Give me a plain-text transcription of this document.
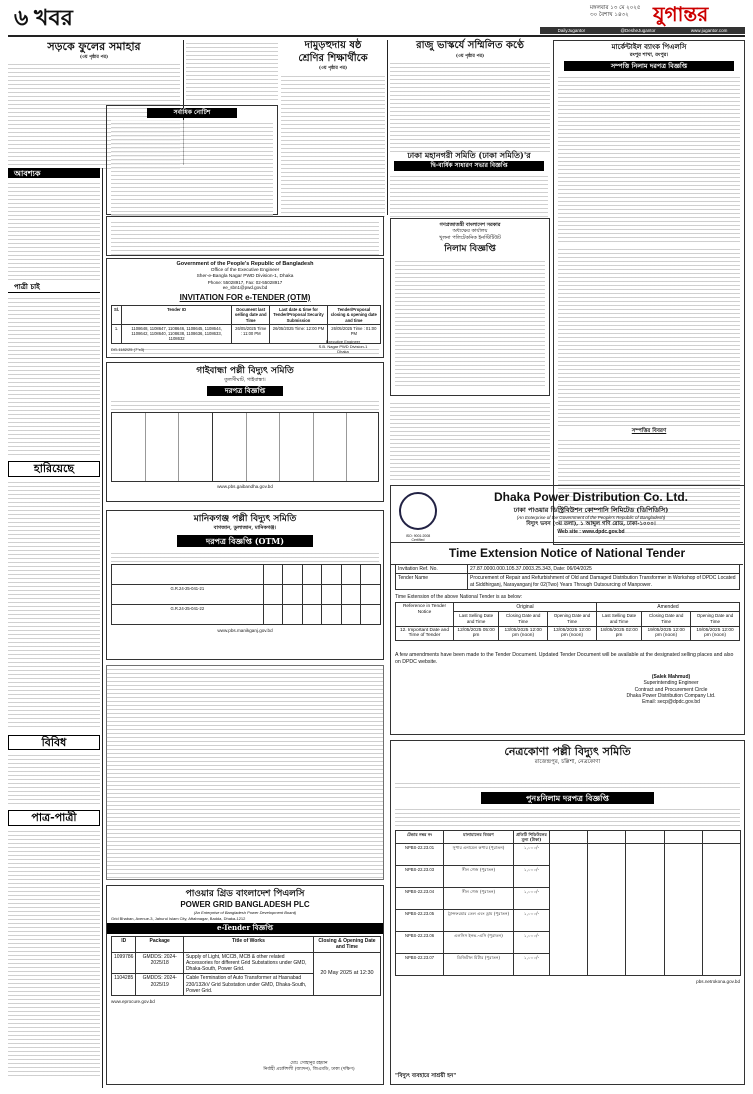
৬ খবর	মঙ্গলবার ১৩ মে ২০২৫
৩০ বৈশাখ ১৪৩২ যুগান্তর
DailyJugantor	@DesheJugantor	www.jugantor.com
সড়কে ফুলের সমাহার
(৩য় পৃষ্ঠার পর)
দামুড়হুদায় ষষ্ঠ
শ্রেণির শিক্ষার্থীকে
(৩য় পৃষ্ঠার পর)
রাজু ভাস্কর্যে সম্মিলিত কণ্ঠে
(৩য় পৃষ্ঠার পর)
ঢাকা মহানগরী সমিতি (ঢাকা সমিতি)'র
দ্বি-বার্ষিক সাধারণ সভার বিজ্ঞপ্তি
মার্কেন্টাইল ব্যাংক পিএলসি
রংপুর শাখা, রংপুর।
সম্পত্তি নিলাম দরপত্র বিজ্ঞপ্তি
সম্পত্তির বিবরণ
আবশ্যক
পাত্রী চাই
হারিয়েছে
বিবিধ
পাত্র-পাত্রী
সর্বাধিক নোটিশ
Government of the People's Republic of Bangladesh
Office of the Executive Engineer
Sher-e-Bangla Nagar PWD Division-1, Dhaka
Phone: 55028917, Fax: 02-55028917
ee_sbn1@pwd.gov.bd
INVITATION FOR e-TENDER (OTM)
Sl.	Tender ID	Document last selling date and Time	Last date & time for Tender/Proposal Security Submission	Tender/Proposal closing & opening date and time
1.	1108648, 1108647, 1108646, 1108645, 1108644, 1108642, 1108640, 1108638, 1108636, 1108633, 1108632	26/05/2025 Time : 11:00 PM	26/05/2025 Time: 12:00 PM	26/05/2025 Time : 01:00 PM
DG-1182/25 (7"x3)
Executive Engineer
S.B. Nagar PWD Division-1
Dhaka
গণপ্রজাতন্ত্রী বাংলাদেশ সরকার
অধ্যক্ষের কার্যালয়
খুলনা পলিটেকনিক ইনস্টিটিউট
নিলাম বিজ্ঞপ্তি
গাইবান্ধা পল্লী বিদ্যুৎ সমিতি
তুলসীঘাট, গাইবান্ধা।
দরপত্র বিজ্ঞপ্তি
www.pbs.gaibandha.gov.bd
ISO: 9001:2008
Certified
Dhaka Power Distribution Co. Ltd.
ঢাকা পাওয়ার ডিস্ট্রিবিউশন কোম্পানি লিমিটেড (ডিপিডিসি)
(An Enterprise of the Government of the People's Republic of Bangladesh)
বিদ্যুৎ ভবন (৩য় তলা), ১ আব্দুল গণি রোড, ঢাকা-১০০০।
Web site : www.dpdc.gov.bd
Time Extension Notice of National Tender
Invitation Ref. No.	27.87.0000.000.105.37.0003.25.343, Date: 06/04/2025
Tender Name	Procurement of Repair and Refurbishment of Old and Damaged Distribution Transformer in Workshop of DPDC Located at Siddhirganj, Narayanganj for 02(Two) Years Through Outsourcing of Manpower.
Time Extension of the above National Tender is as below:
Reference in Tender Notice	Original			Amended		
	Last Selling Date and Time	Closing Date and Time	Opening Date and Time	Last Selling Date and Time	Closing Date and Time	Opening Date and Time
12. Important Date and Time of Tender	12/05/2025 05:00 pm	13/05/2025 12:00 pm (noon)	13/05/2025 12:00 pm (noon)	18/05/2025 02:00 pm	19/05/2025 12:00 pm (noon)	19/05/2025 12:00 pm (noon)
A few amendments have been made to the Tender Document. Updated Tender Document will be available at the designated selling places and also on DPDC website.
(Salek Mahmud)
Superintending Engineer
Contract and Procurement Circle
Dhaka Power Distribution Company Ltd.
Email: secp@dpdc.gov.bd
মানিকগঞ্জ পল্লী বিদ্যুৎ সমিতি
বাগজান, ডুলাজান, মানিকগঞ্জ।
দরপত্র বিজ্ঞপ্তি (OTM)

G.R.24-25-041-21						
G.R.24-25-041-22						
www.pbs.manikganj.gov.bd
পাওয়ার গ্রিড বাংলাদেশ পিএলসি
POWER GRID BANGLADESH PLC
(An Enterprise of Bangladesh Power Development Board)
Grid Bhaban, Avenue-3, Jahurul Islam City, Aftabnagar, Badda, Dhaka-1212
e-Tender বিজ্ঞপ্তি
ID	Package	Title of Works	Closing & Opening Date and Time
1099786	GMDDS: 2024-2025/18	Supply of Light, MCCB, MCB & other related Accessories for different Grid Substations under GMD, Dhaka-South, Power Grid.	20 May 2025 at 12:30
1104285	GMDDS: 2024-2025/19	Cable Termination of Auto Transformer at Hasnabad 230/132kV Grid Substation under GMD, Dhaka-South, Power Grid.	
www.eprocure.gov.bd
মোঃ সোহানুর রহমান
নির্বাহী প্রকৌশলী (জ্যাদন), জিএমডি, ঢাকা (দক্ষিণ)
নেত্রকোণা পল্লী বিদ্যুৎ সমিতি
রাজেন্দ্রপুর, চল্লিশা, নেত্রকোণা
পুনঃনিলাম দরপত্র বিজ্ঞপ্তি
টেন্ডার নম্বর নং	মালামালের বিবরণ	প্রতিটি শিডিউলের মূল্য (টাকা)					
NPBS-22.23.01	সুপার এনামেল কপার (পুরাতন)	১,০০০/-					
NPBS-22.23.03	সীল গেজ (পুরাতন)	১,০০০/-					
NPBS-22.23.04	সীল গেজ (পুরাতন)	১,০০০/-					
NPBS-22.23.05	ট্রান্সফরমার তেল এবং ড্রাম (পুরাতন)	১,০০০/-					
NPBS-22.23.06	এলসিস ইনভ.-এসি (পুরাতন)	১,০০০/-					
NPBS-22.23.07	ডিজিটাল মিটার (পুরাতন)	১,০০০/-					
pbs.netrokona.gov.bd
"বিদ্যুৎ ব্যবহারে সাশ্রয়ী হন"
